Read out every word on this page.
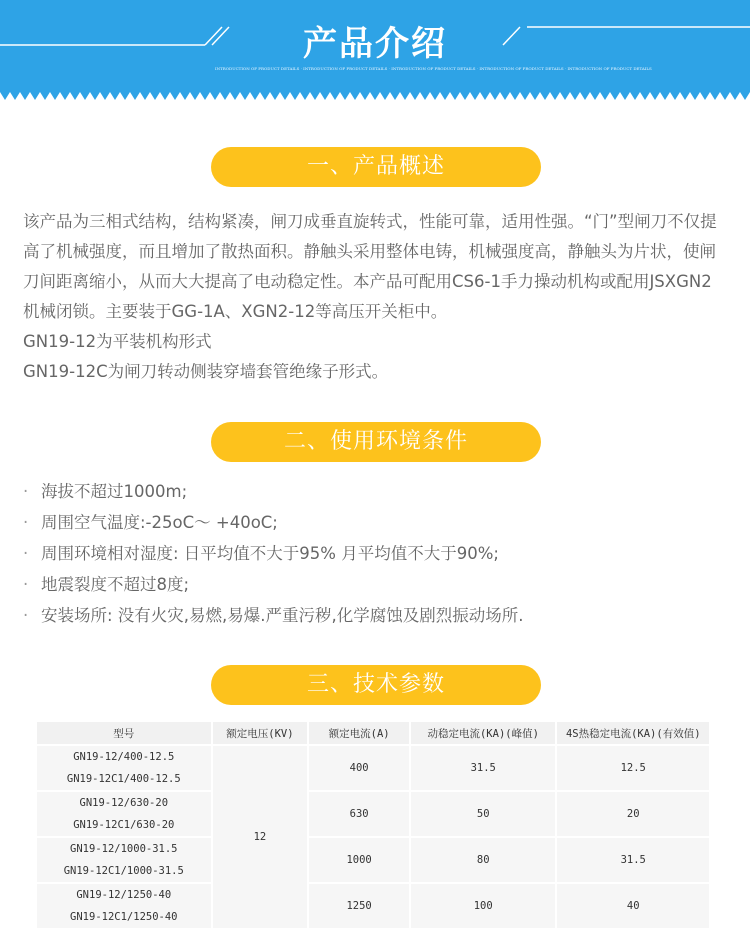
产品介绍
INTRODUCTION OF PRODUCT DETAILS · INTRODUCTION OF PRODUCT DETAILS · INTRODUCTION OF PRODUCT DETAILS · INTRODUCTION OF PRODUCT DETAILS · INTRODUCTION OF PRODUCT DETAILS
一、产品概述

该产品为三相式结构，结构紧凑，闸刀成垂直旋转式，性能可靠，适用性强。“门”型闸刀不仅提高了机械强度，而且增加了散热面积。静触头采用整体电铸，机械强度高，静触头为片状，使闸刀间距离缩小，从而大大提高了电动稳定性。本产品可配用CS6-1手力操动机构或配用JSXGN2机械闭锁。主要装于GG-1A、XGN2-12等高压开关柜中。

GN19-12为平装机构形式

GN19-12C为闸刀转动侧装穿墙套管绝缘子形式。

二、使用环境条件
· 海拔不超过1000m;
· 周围空气温度:-25oC～ +40oC;
· 周围环境相对湿度: 日平均值不大于95% 月平均值不大于90%;
· 地震裂度不超过8度;
· 安装场所: 没有火灾,易燃,易爆.严重污秽,化学腐蚀及剧烈振动场所.
三、技术参数
型号	额定电压(KV)	额定电流(A)	动稳定电流(KA)(峰值)	4S热稳定电流(KA)(有效值)

GN19-12/400-12.5
GN19-12C1/400-12.5	12	400	31.5	12.5

GN19-12/630-20
GN19-12C1/630-20		630	50	20

GN19-12/1000-31.5
GN19-12C1/1000-31.5		1000	80	31.5

GN19-12/1250-40
GN19-12C1/1250-40		1250	100	40
